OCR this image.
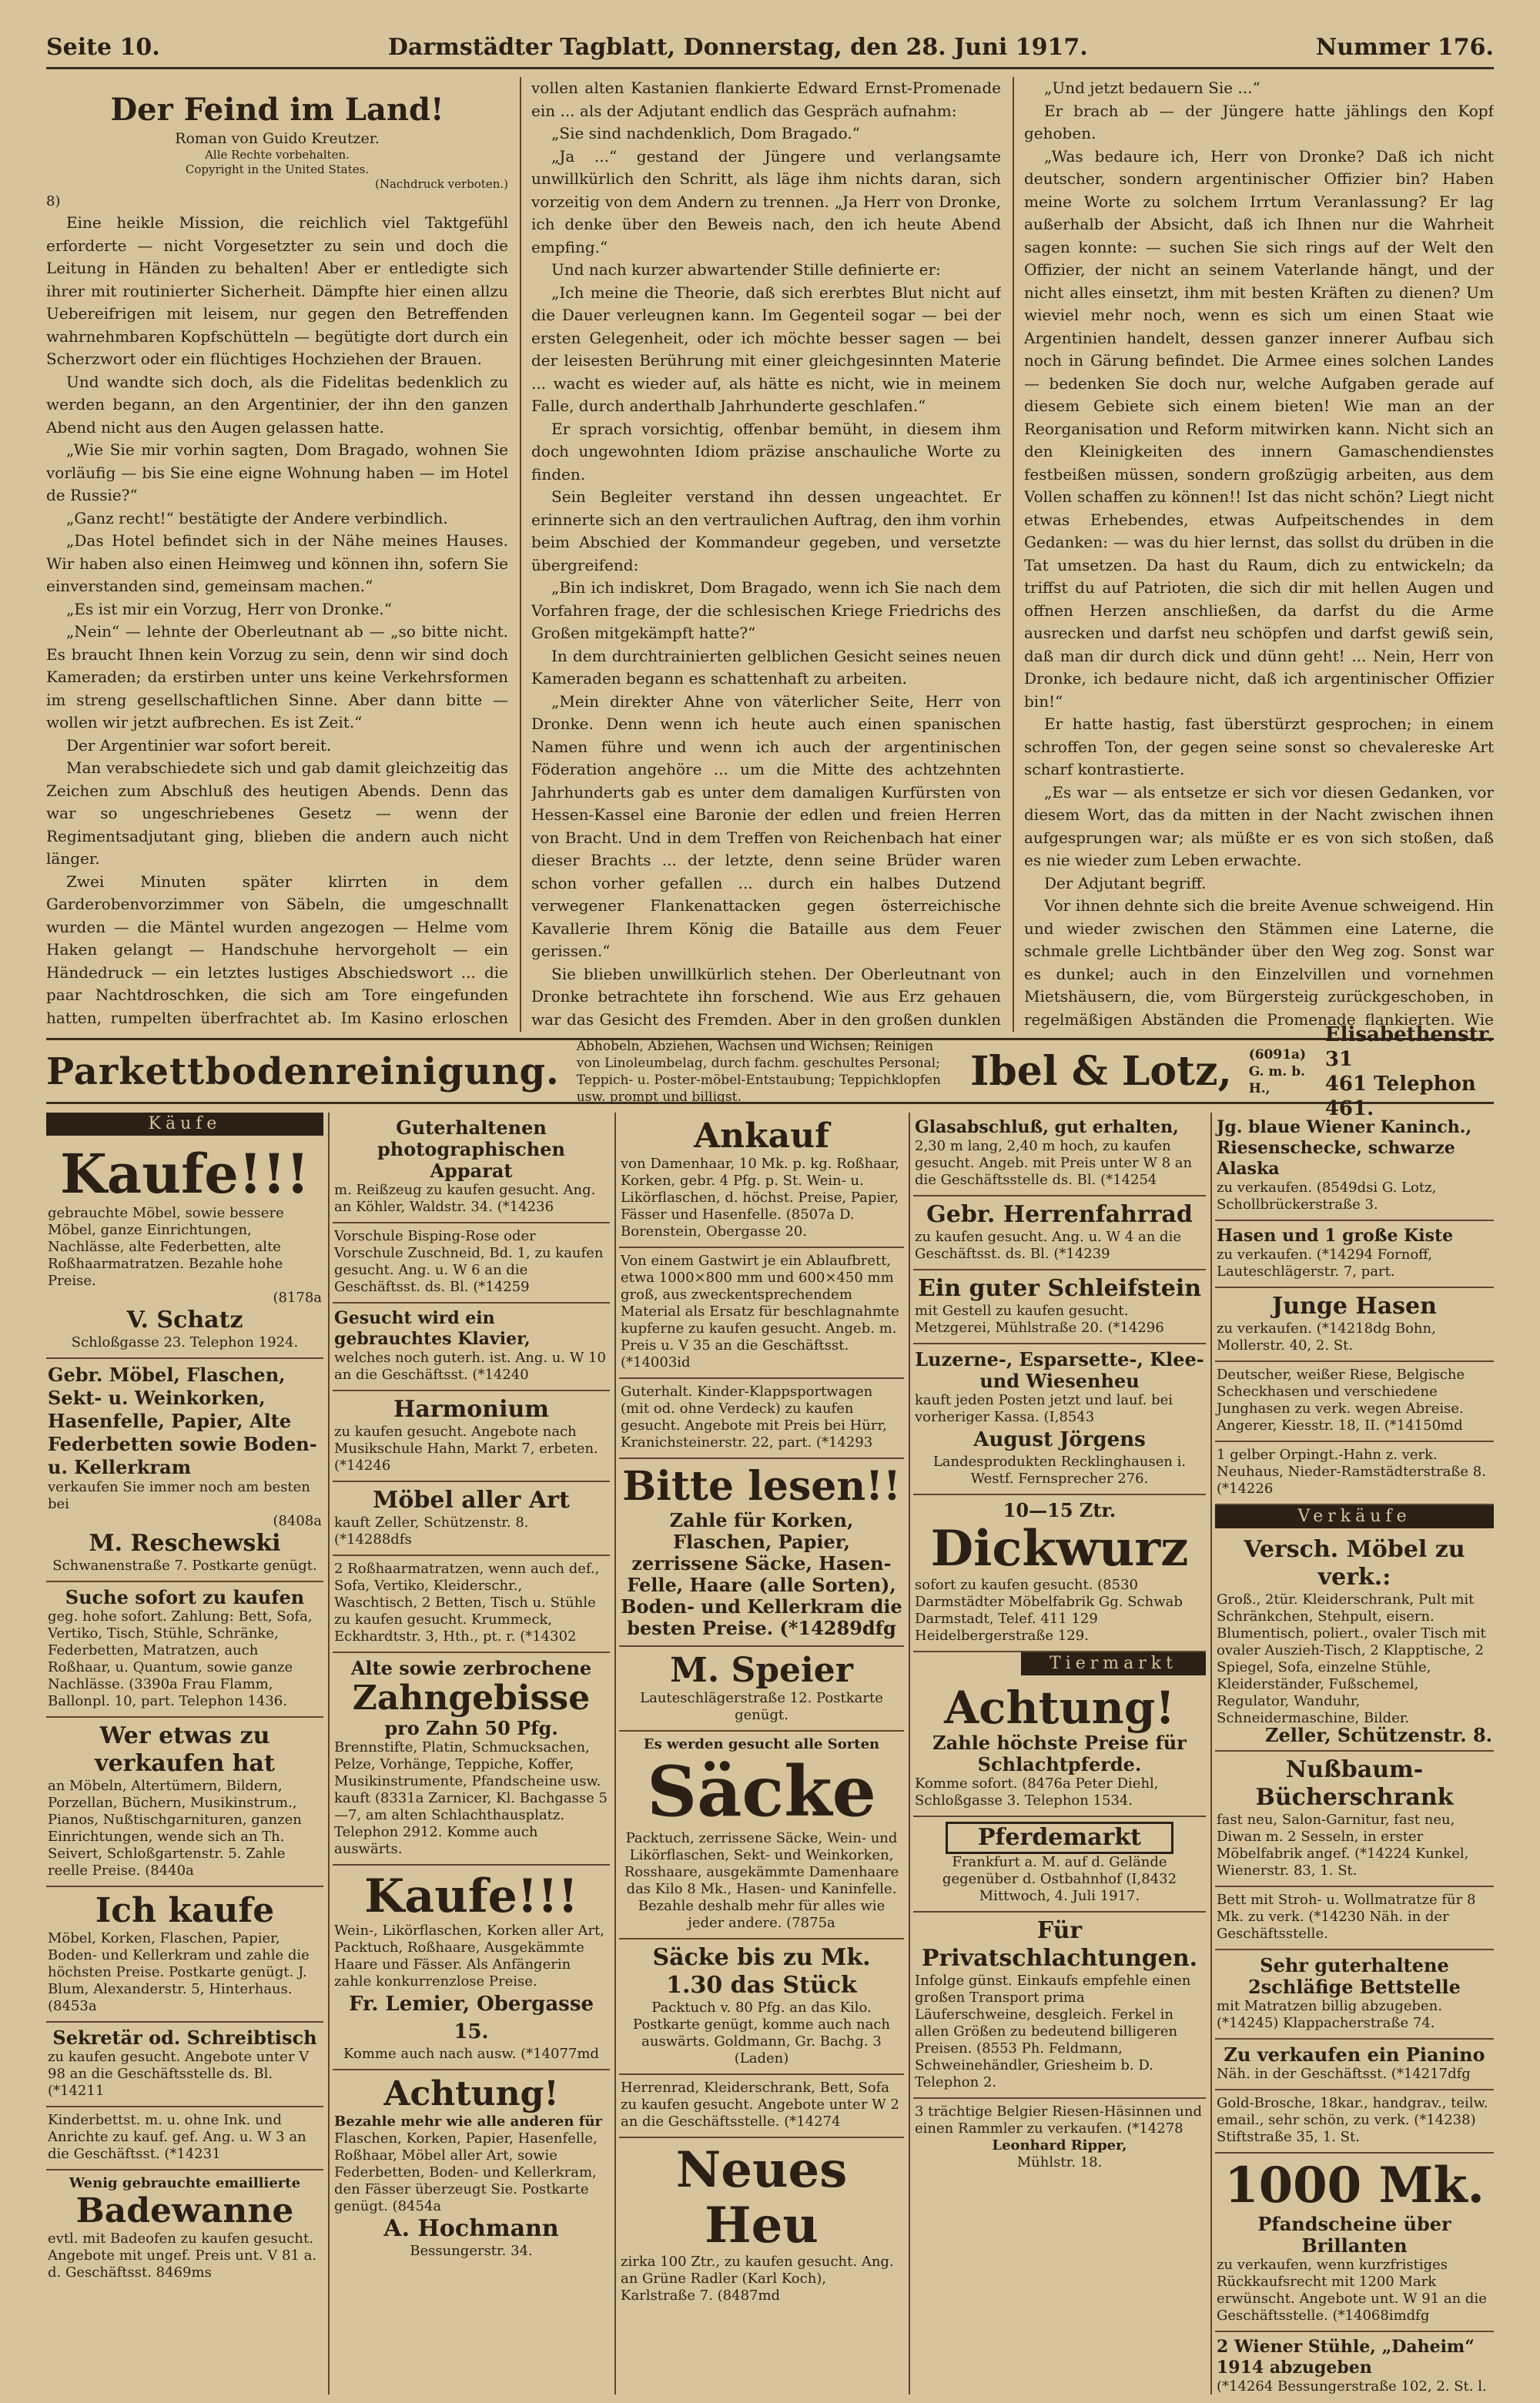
Seite 10.	Darmstädter Tagblatt, Donnerstag, den 28. Juni 1917.	Nummer 176.
Der Feind im Land!
Roman von Guido Kreutzer.
Alle Rechte vorbehalten.
Copyright in the United States.
(Nachdruck verboten.)
8)

Eine heikle Mission, die reichlich viel Taktgefühl erforderte — nicht Vorgesetzter zu sein und doch die Leitung in Händen zu behalten! Aber er entledigte sich ihrer mit routinierter Sicherheit. Dämpfte hier einen allzu Uebereifrigen mit leisem, nur gegen den Betreffenden wahrnehmbaren Kopfschütteln — begütigte dort durch ein Scherzwort oder ein flüchtiges Hochziehen der Brauen.

Und wandte sich doch, als die Fidelitas bedenklich zu werden begann, an den Argentinier, der ihn den ganzen Abend nicht aus den Augen gelassen hatte.

„Wie Sie mir vorhin sagten, Dom Bragado, wohnen Sie vorläufig — bis Sie eine eigne Wohnung haben — im Hotel de Russie?“

„Ganz recht!“ bestätigte der Andere verbindlich.

„Das Hotel befindet sich in der Nähe meines Hauses. Wir haben also einen Heimweg und können ihn, sofern Sie einverstanden sind, gemeinsam machen.“

„Es ist mir ein Vorzug, Herr von Dronke.“

„Nein“ — lehnte der Oberleutnant ab — „so bitte nicht. Es braucht Ihnen kein Vorzug zu sein, denn wir sind doch Kameraden; da erstirben unter uns keine Verkehrsformen im streng gesellschaftlichen Sinne. Aber dann bitte — wollen wir jetzt aufbrechen. Es ist Zeit.“

Der Argentinier war sofort bereit.

Man verabschiedete sich und gab damit gleichzeitig das Zeichen zum Abschluß des heutigen Abends. Denn das war so ungeschriebenes Gesetz — wenn der Regimentsadjutant ging, blieben die andern auch nicht länger.

Zwei Minuten später klirrten in dem Garderobenvorzimmer von Säbeln, die umgeschnallt wurden — die Mäntel wurden angezogen — Helme vom Haken gelangt — Handschuhe hervorgeholt — ein Händedruck — ein letztes lustiges Abschiedswort ... die paar Nachtdroschken, die sich am Tore eingefunden hatten, rumpelten überfrachtet ab. Im Kasino erloschen

vollen alten Kastanien flankierte Edward Ernst-Promenade ein ... als der Adjutant endlich das Gespräch aufnahm:

„Sie sind nachdenklich, Dom Bragado.“

„Ja ...“ gestand der Jüngere und verlangsamte unwillkürlich den Schritt, als läge ihm nichts daran, sich vorzeitig von dem Andern zu trennen. „Ja Herr von Dronke, ich denke über den Beweis nach, den ich heute Abend empfing.“

Und nach kurzer abwartender Stille definierte er:

„Ich meine die Theorie, daß sich ererbtes Blut nicht auf die Dauer verleugnen kann. Im Gegenteil sogar — bei der ersten Gelegenheit, oder ich möchte besser sagen — bei der leisesten Berührung mit einer gleichgesinnten Materie ... wacht es wieder auf, als hätte es nicht, wie in meinem Falle, durch anderthalb Jahrhunderte geschlafen.“

Er sprach vorsichtig, offenbar bemüht, in diesem ihm doch ungewohnten Idiom präzise anschauliche Worte zu finden.

Sein Begleiter verstand ihn dessen ungeachtet. Er erinnerte sich an den vertraulichen Auftrag, den ihm vorhin beim Abschied der Kommandeur gegeben, und versetzte übergreifend:

„Bin ich indiskret, Dom Bragado, wenn ich Sie nach dem Vorfahren frage, der die schlesischen Kriege Friedrichs des Großen mitgekämpft hatte?“

In dem durchtrainierten gelblichen Gesicht seines neuen Kameraden begann es schattenhaft zu arbeiten.

„Mein direkter Ahne von väterlicher Seite, Herr von Dronke. Denn wenn ich heute auch einen spanischen Namen führe und wenn ich auch der argentinischen Föderation angehöre ... um die Mitte des achtzehnten Jahrhunderts gab es unter dem damaligen Kurfürsten von Hessen-Kassel eine Baronie der edlen und freien Herren von Bracht. Und in dem Treffen von Reichenbach hat einer dieser Brachts ... der letzte, denn seine Brüder waren schon vorher gefallen ... durch ein halbes Dutzend verwegener Flankenattacken gegen österreichische Kavallerie Ihrem König die Bataille aus dem Feuer gerissen.“

Sie blieben unwillkürlich stehen. Der Oberleutnant von Dronke betrachtete ihn forschend. Wie aus Erz gehauen war das Gesicht des Fremden. Aber in den großen dunklen

„Und jetzt bedauern Sie ...“

Er brach ab — der Jüngere hatte jählings den Kopf gehoben.

„Was bedaure ich, Herr von Dronke? Daß ich nicht deutscher, sondern argentinischer Offizier bin? Haben meine Worte zu solchem Irrtum Veranlassung? Er lag außerhalb der Absicht, daß ich Ihnen nur die Wahrheit sagen konnte: — suchen Sie sich rings auf der Welt den Offizier, der nicht an seinem Vaterlande hängt, und der nicht alles einsetzt, ihm mit besten Kräften zu dienen? Um wieviel mehr noch, wenn es sich um einen Staat wie Argentinien handelt, dessen ganzer innerer Aufbau sich noch in Gärung befindet. Die Armee eines solchen Landes — bedenken Sie doch nur, welche Aufgaben gerade auf diesem Gebiete sich einem bieten! Wie man an der Reorganisation und Reform mitwirken kann. Nicht sich an den Kleinigkeiten des innern Gamaschendienstes festbeißen müssen, sondern großzügig arbeiten, aus dem Vollen schaffen zu können!! Ist das nicht schön? Liegt nicht etwas Erhebendes, etwas Aufpeitschendes in dem Gedanken: — was du hier lernst, das sollst du drüben in die Tat umsetzen. Da hast du Raum, dich zu entwickeln; da triffst du auf Patrioten, die sich dir mit hellen Augen und offnen Herzen anschließen, da darfst du die Arme ausrecken und darfst neu schöpfen und darfst gewiß sein, daß man dir durch dick und dünn geht! ... Nein, Herr von Dronke, ich bedaure nicht, daß ich argentinischer Offizier bin!“

Er hatte hastig, fast überstürzt gesprochen; in einem schroffen Ton, der gegen seine sonst so chevalereske Art scharf kontrastierte.

„Es war — als entsetze er sich vor diesen Gedanken, vor diesem Wort, das da mitten in der Nacht zwischen ihnen aufgesprungen war; als müßte er es von sich stoßen, daß es nie wieder zum Leben erwachte.

Der Adjutant begriff.

Vor ihnen dehnte sich die breite Avenue schweigend. Hin und wieder zwischen den Stämmen eine Laterne, die schmale grelle Lichtbänder über den Weg zog. Sonst war es dunkel; auch in den Einzelvillen und vornehmen Mietshäusern, die, vom Bürgersteig zurückgeschoben, in regelmäßigen Abständen die Promenade flankierten. Wie

Parkettbodenreinigung.
Abhobeln, Abziehen, Wachsen und Wichsen; Reinigen von Linoleumbelag, durch fachm. geschultes Personal; Teppich- u. Poster-möbel-Entstaubung; Teppichklopfen usw. prompt und billigst.
Ibel & Lotz, (6091a)
G. m. b. H.,
Elisabethenstr. 31
461 Telephon 461.
Käufe
Kaufe!!!
gebrauchte Möbel, sowie bessere Möbel, ganze Einrichtungen, Nachlässe, alte Federbetten, alte Roßhaarmatratzen. Bezahle hohe Preise.
(8178a
V. Schatz
Schloßgasse 23. Telephon 1924.
Gebr. Möbel, Flaschen, Sekt- u. Weinkorken, Hasenfelle, Papier, Alte Federbetten sowie Boden- u. Kellerkram
verkaufen Sie immer noch am besten bei
(8408a
M. Reschewski
Schwanenstraße 7. Postkarte genügt.
Suche sofort zu kaufen
geg. hohe sofort. Zahlung: Bett, Sofa, Vertiko, Tisch, Stühle, Schränke, Federbetten, Matratzen, auch Roßhaar, u. Quantum, sowie ganze Nachlässe. (3390a Frau Flamm, Ballonpl. 10, part. Telephon 1436.
Wer etwas zu verkaufen hat
an Möbeln, Altertümern, Bildern, Porzellan, Büchern, Musikinstrum., Pianos, Nußtischgarnituren, ganzen Einrichtungen, wende sich an Th. Seivert, Schloßgartenstr. 5. Zahle reelle Preise. (8440a
Ich kaufe
Möbel, Korken, Flaschen, Papier, Boden- und Kellerkram und zahle die höchsten Preise. Postkarte genügt. J. Blum, Alexanderstr. 5, Hinterhaus. (8453a
Sekretär od. Schreibtisch
zu kaufen gesucht. Angebote unter V 98 an die Geschäftsstelle ds. Bl. (*14211
Kinderbettst. m. u. ohne Ink. und Anrichte zu kauf. gef. Ang. u. W 3 an die Geschäftsst. (*14231
Wenig gebrauchte emaillierte
Badewanne
evtl. mit Badeofen zu kaufen gesucht. Angebote mit ungef. Preis unt. V 81 a. d. Geschäftsst. 8469ms
Guterhaltenen photographischen Apparat
m. Reißzeug zu kaufen gesucht. Ang. an Köhler, Waldstr. 34. (*14236
Vorschule Bisping-Rose oder Vorschule Zuschneid, Bd. 1, zu kaufen gesucht. Ang. u. W 6 an die Geschäftsst. ds. Bl. (*14259
Gesucht wird ein gebrauchtes Klavier,
welches noch guterh. ist. Ang. u. W 10 an die Geschäftsst. (*14240
Harmonium
zu kaufen gesucht. Angebote nach Musikschule Hahn, Markt 7, erbeten. (*14246
Möbel aller Art
kauft Zeller, Schützenstr. 8. (*14288dfs
2 Roßhaarmatratzen, wenn auch def., Sofa, Vertiko, Kleiderschr., Waschtisch, 2 Betten, Tisch u. Stühle zu kaufen gesucht. Krummeck, Eckhardtstr. 3, Hth., pt. r. (*14302
Alte sowie zerbrochene
Zahngebisse
pro Zahn 50 Pfg.
Brennstifte, Platin, Schmucksachen, Pelze, Vorhänge, Teppiche, Koffer, Musikinstrumente, Pfandscheine usw. kauft (8331a Zarnicer, Kl. Bachgasse 5—7, am alten Schlachthausplatz. Telephon 2912. Komme auch auswärts.
Kaufe!!!
Wein-, Likörflaschen, Korken aller Art, Packtuch, Roßhaare, Ausgekämmte Haare und Fässer. Als Anfängerin zahle konkurrenzlose Preise.
Fr. Lemier, Obergasse 15.
Komme auch nach ausw. (*14077md
Achtung!
Bezahle mehr wie alle anderen für
Flaschen, Korken, Papier, Hasenfelle, Roßhaar, Möbel aller Art, sowie Federbetten, Boden- und Kellerkram, den Fässer überzeugt Sie. Postkarte genügt. (8454a
A. Hochmann
Bessungerstr. 34.
Ankauf
von Damenhaar, 10 Mk. p. kg. Roßhaar, Korken, gebr. 4 Pfg. p. St. Wein- u. Likörflaschen, d. höchst. Preise, Papier, Fässer und Hasenfelle. (8507a D. Borenstein, Obergasse 20.
Von einem Gastwirt je ein Ablaufbrett, etwa 1000×800 mm und 600×450 mm groß, aus zweckentsprechendem Material als Ersatz für beschlagnahmte kupferne zu kaufen gesucht. Angeb. m. Preis u. V 35 an die Geschäftsst. (*14003id
Guterhalt. Kinder-Klappsportwagen (mit od. ohne Verdeck) zu kaufen gesucht. Angebote mit Preis bei Hürr, Kranichsteinerstr. 22, part. (*14293
Bitte lesen!!
Zahle für Korken, Flaschen, Papier, zerrissene Säcke, Hasen-Felle, Haare (alle Sorten), Boden- und Kellerkram die besten Preise. (*14289dfg
M. Speier
Lauteschlägerstraße 12. Postkarte genügt.
Es werden gesucht alle Sorten
Säcke
Packtuch, zerrissene Säcke, Wein- und Likörflaschen, Sekt- und Weinkorken, Rosshaare, ausgekämmte Damenhaare das Kilo 8 Mk., Hasen- und Kaninfelle. Bezahle deshalb mehr für alles wie jeder andere. (7875a
Säcke bis zu Mk. 1.30 das Stück
Packtuch v. 80 Pfg. an das Kilo. Postkarte genügt, komme auch nach auswärts. Goldmann, Gr. Bachg. 3 (Laden)
Herrenrad, Kleiderschrank, Bett, Sofa zu kaufen gesucht. Angebote unter W 2 an die Geschäftsstelle. (*14274
Neues Heu
zirka 100 Ztr., zu kaufen gesucht. Ang. an Grüne Radler (Karl Koch), Karlstraße 7. (8487md
Glasabschluß, gut erhalten,
2,30 m lang, 2,40 m hoch, zu kaufen gesucht. Angeb. mit Preis unter W 8 an die Geschäftsstelle ds. Bl. (*14254
Gebr. Herrenfahrrad
zu kaufen gesucht. Ang. u. W 4 an die Geschäftsst. ds. Bl. (*14239
Ein guter Schleifstein
mit Gestell zu kaufen gesucht. Metzgerei, Mühlstraße 20. (*14296
Luzerne-, Esparsette-, Klee- und Wiesenheu
kauft jeden Posten jetzt und lauf. bei vorheriger Kassa. (I,8543
August Jörgens
Landesprodukten Recklinghausen i. Westf. Fernsprecher 276.
10—15 Ztr.
Dickwurz
sofort zu kaufen gesucht. (8530 Darmstädter Möbelfabrik Gg. Schwab Darmstadt, Telef. 411 129 Heidelbergerstraße 129.
Tiermarkt
Achtung!
Zahle höchste Preise für Schlachtpferde.
Komme sofort. (8476a Peter Diehl, Schloßgasse 3. Telephon 1534.
Pferdemarkt
Frankfurt a. M. auf d. Gelände gegenüber d. Ostbahnhof (I,8432 Mittwoch, 4. Juli 1917.
Für Privatschlachtungen.
Infolge günst. Einkaufs empfehle einen großen Transport prima Läuferschweine, desgleich. Ferkel in allen Größen zu bedeutend billigeren Preisen. (8553 Ph. Feldmann, Schweinehändler, Griesheim b. D. Telephon 2.
3 trächtige Belgier Riesen-Häsinnen und einen Rammler zu verkaufen. (*14278
Leonhard Ripper,
Mühlstr. 18.
Jg. blaue Wiener Kaninch., Riesenschecke, schwarze Alaska
zu verkaufen. (8549dsi G. Lotz, Schollbrückerstraße 3.
Hasen und 1 große Kiste
zu verkaufen. (*14294 Fornoff, Lauteschlägerstr. 7, part.
Junge Hasen
zu verkaufen. (*14218dg Bohn, Mollerstr. 40, 2. St.
Deutscher, weißer Riese, Belgische Scheckhasen und verschiedene Junghasen zu verk. wegen Abreise. Angerer, Kiesstr. 18, II. (*14150md
1 gelber Orpingt.-Hahn z. verk. Neuhaus, Nieder-Ramstädterstraße 8. (*14226
Verkäufe
Versch. Möbel zu verk.:
Groß., 2tür. Kleiderschrank, Pult mit Schränkchen, Stehpult, eisern. Blumentisch, poliert., ovaler Tisch mit ovaler Auszieh-Tisch, 2 Klapptische, 2 Spiegel, Sofa, einzelne Stühle, Kleiderständer, Fußschemel, Regulator, Wanduhr, Schneidermaschine, Bilder.
Zeller, Schützenstr. 8.
Nußbaum-Bücherschrank
fast neu, Salon-Garnitur, fast neu, Diwan m. 2 Sesseln, in erster Möbelfabrik angef. (*14224 Kunkel, Wienerstr. 83, 1. St.
Bett mit Stroh- u. Wollmatratze für 8 Mk. zu verk. (*14230 Näh. in der Geschäftsstelle.
Sehr guterhaltene 2schläfige Bettstelle
mit Matratzen billig abzugeben. (*14245) Klappacherstraße 74.
Zu verkaufen ein Pianino
Näh. in der Geschäftsst. (*14217dfg
Gold-Brosche, 18kar., handgrav., teilw. email., sehr schön, zu verk. (*14238) Stiftstraße 35, 1. St.
1000 Mk.
Pfandscheine über Brillanten
zu verkaufen, wenn kurzfristiges Rückkaufsrecht mit 1200 Mark erwünscht. Angebote unt. W 91 an die Geschäftsstelle. (*14068imdfg
2 Wiener Stühle, „Daheim“ 1914 abzugeben
(*14264 Bessungerstraße 102, 2. St. l.
